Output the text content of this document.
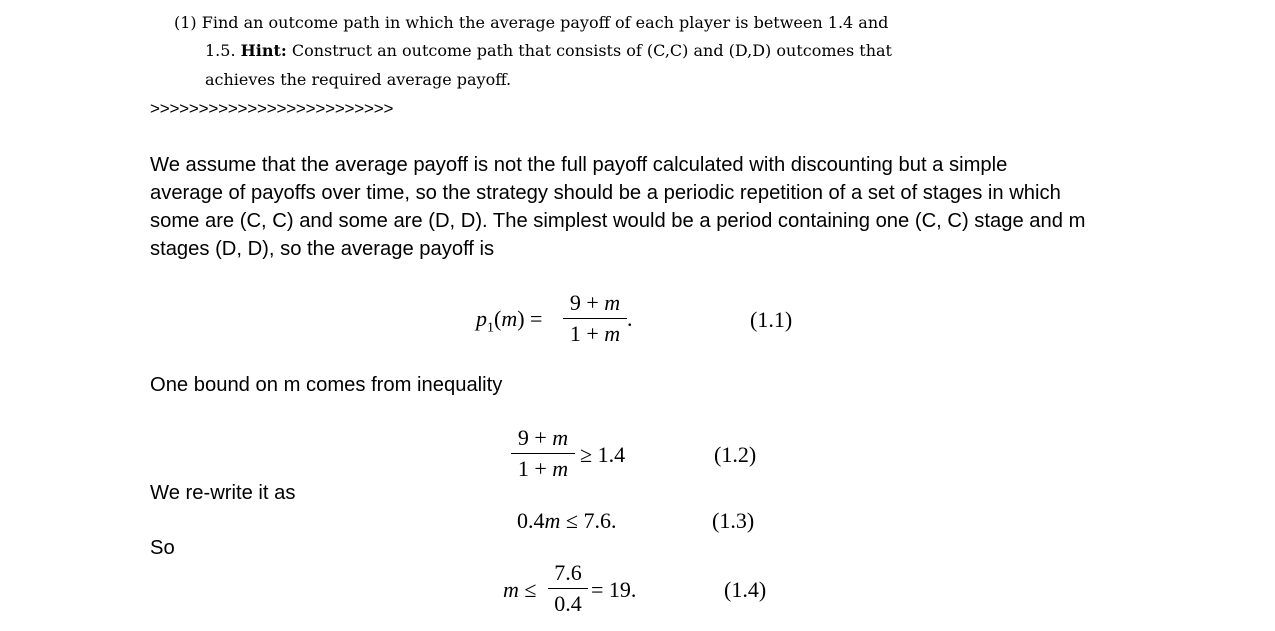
(1) Find an outcome path in which the average payoff of each player is between 1.4 and
1.5. Hint: Construct an outcome path that consists of (C,C) and (D,D) outcomes that
achieves the required average payoff.
>>>>>>>>>>>>>>>>>>>>>>>>>
We assume that the average payoff is not the full payoff calculated with discounting but a simple
average of payoffs over time, so the strategy should be a periodic repetition of a set of stages in which
some are (C, C) and some are (D, D). The simplest would be a period containing one (C, C) stage and m
stages (D, D), so the average payoff is
$p_1(m)$ =
9 + m
1 + m
.	(1.1)
One bound on m comes from inequality
9 + m
1 + m
≥ 1.4	(1.2)
We re-write it as
0.4m ≤ 7.6.	(1.3)
So
m ≤
7.6
0.4
= 19.	(1.4)
